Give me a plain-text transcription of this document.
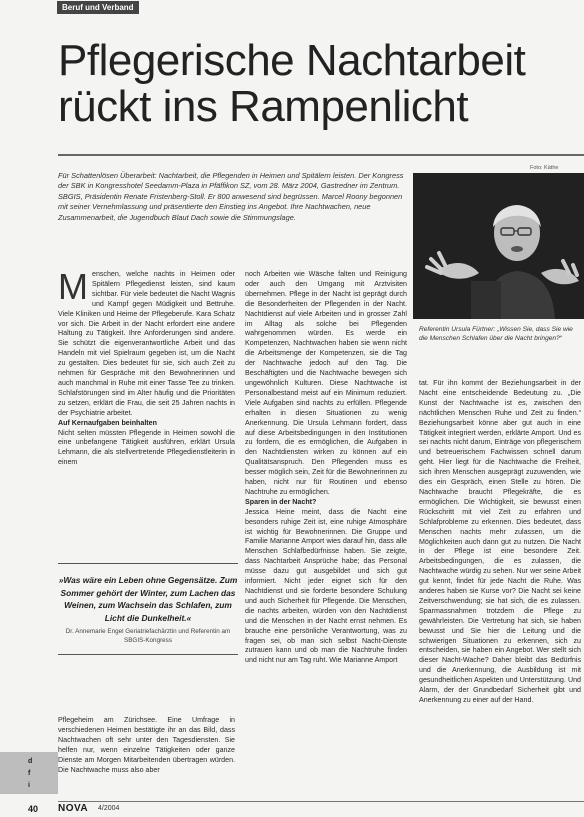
Beruf und Verband
Pflegerische Nachtarbeit
rückt ins Rampenlicht
Foto: Käthe
Für Schattenlösen Überarbeit: Nachtarbeit, die Pflegenden in Heimen und Spitälern leisten. Der Kongress der SBK in Kongresshotel Seedamm-Plaza in Pfäffikon SZ, vom 28. März 2004, Gastredner im Zentrum. SBGIS, Präsidentin Renate Fristenberg-Stoll. Er 800 anwesend sind begrüssen. Marcel Roony begonnen mit seiner Vernehmlassung und präsentierte den Einstieg ins Angebot. Ihre Nachtwachen, neue Zusammenarbeit, die Jugendbuch Blaut Dach sowie die Stimmungslage.
Referentin Ursula Fürtner: „Wissen Sie, dass Sie wie die Menschen Schlafen über die Nacht bringen?“

Menschen, welche nachts in Heimen oder Spitälern Pflegedienst leisten, sind kaum sichtbar. Für viele bedeutet die Nacht Wagnis und Kampf gegen Müdigkeit und Bettruhe. Viele Kliniken und Heime der Pflegeberufe. Kara Schatz vor sich. Die Arbeit in der Nacht erfordert eine andere Haltung zu Tätigkeit. Ihre Anforderungen sind andere. Sie schützt die eigenverantwortliche Arbeit und das Handeln mit viel Spielraum gegeben ist, um die Nacht zu gestalten. Dies bedeutet für sie, sich auch Zeit zu nehmen für Gespräche mit den Bewohnerinnen und auch manchmal in Ruhe mit einer Tasse Tee zu trinken. Schlafstörungen sind im Alter häufig und die Prioritäten zu setzen, erklärt die Frau, die seit 25 Jahren nachts in der Psychiatrie arbeitet.

Auf Kernaufgaben beinhalten

Nicht selten müssten Pflegende in Heimen sowohl die eine unbefangene Tätigkeit ausführen, erklärt Ursula Lehmann, die als stellvertretende Pflegedienstleiterin in einem

»Was wäre ein Leben ohne Gegensätze. Zum Sommer gehört der Winter, zum Lachen das Weinen, zum Wachsein das Schlafen, zum Licht die Dunkelheit.«
Dr. Annemarie Engel Geriatriefachärztin und Referentin am SBGIS-Kongress
Pflegeheim am Zürichsee. Eine Umfrage in verschiedenen Heimen bestätigte ihr an das Bild, dass Nachtwachen oft sehr unter den Tagesdiensten. Sie helfen nur, wenn einzelne Tätigkeiten oder ganze Dienste am Morgen Mitarbeitenden übertragen würden. Die Nachtwache muss also aber

noch Arbeiten wie Wäsche falten und Reinigung oder auch den Umgang mit Arztvisiten übernehmen. Pflege in der Nacht ist geprägt durch die Besonderheiten der Pflegenden in der Nacht. Nachtdienst auf viele Arbeiten und in grosser Zahl im Alltag als solche bei Pflegenden wahrgenommen würden. Es werde ein Kompetenzen, Nachtwachen haben sie wenn nicht die Arbeitsmenge der Kompetenzen, sie die Tag der Nachtwache jedoch auf den Tag. Die Beschäftigten und die Nachtwache bewegen sich ungewöhnlich Kulturen. Diese Nachtwache ist Personalbestand meist auf ein Minimum reduziert. Viele Aufgaben sind nachts zu erfüllen. Pflegende erhalten in diesen Situationen zu wenig Anerkennung. Die Ursula Lehmann fordert, dass auf diese Arbeitsbedingungen in den Institutionen zu fordern, die es ermöglichen, die Aufgaben in den Nachtdiensten wirken zu können auf ein Qualitätsanspruch. Den Pflegenden muss es besser möglich sein, Zeit für die Bewohnerinnen zu haben, nicht nur für Routinen und ebenso Nachtruhe zu ermöglichen.

Sparen in der Nacht?

Jessica Heine meint, dass die Nacht eine besonders ruhige Zeit ist, eine ruhige Atmosphäre ist wichtig für Bewohnerinnen. Die Gruppe und Familie Marianne Amport wies darauf hin, dass alle Menschen Schlafbedürfnisse haben. Sie zeigte, dass Nachtarbeit Ansprüche habe; das Personal müsse dazu gut ausgebildet und sich gut informiert. Nicht jeder eignet sich für den Nachtdienst und sie forderte besondere Schulung und auch Sicherheit für Pflegende. Die Menschen, die nachts arbeiten, würden von den Nachtdienst und die Menschen in der Nacht ernst nehmen. Es brauche eine persönliche Verantwortung, was zu fragen sei, ob man sich selbst Nacht-Dienste zutrauen kann und ob man die Nachtruhe finden und nicht nur am Tag ruht. Wie Marianne Amport

tat. Für ihn kommt der Beziehungsarbeit in der Nacht eine entscheidende Bedeutung zu. „Die Kunst der Nachtwache ist es, zwischen den nächtlichen Menschen Ruhe und Zeit zu finden.“ Beziehungsarbeit könne aber gut auch in eine Tätigkeit integriert werden, erklärte Amport. Und es sei nachts nicht darum, Einträge von pflegerischem und betreuerischem Fachwissen schnell darum geht. Hier liegt für die Nachtwache die Freiheit, sich ihren Menschen ausgeprägt zuzuwenden, wie dies ein Gespräch, einen Stelle zu hören. Die Nachtwache braucht Pflegekräfte, die es ermöglichen. Die Wichtigkeit, sie bewusst einen Rückschritt mit viel Zeit zu erfahren und Schlafprobleme zu erkennen. Dies bedeutet, dass Menschen nachts mehr zulassen, um die Möglichkeiten auch dann gut zu nutzen. Die Nacht in der Pflege ist eine besondere Zeit. Arbeitsbedingungen, die es zulassen, die Nachtwache würdig zu sehen. Nur wer seine Arbeit gut kennt, findet für jede Nacht die Ruhe. Was anderes haben sie Kurse vor? Die Nacht sei keine Zeitverschwendung; sie hat sich, die es zulassen. Sparmassnahmen trotzdem die Pflege zu gewährleisten. Die Vertretung hat sich, sie haben bewusst und Sie hier die Leitung und die schwierigen Situationen zu erkennen, sich zu entscheiden, sie haben ein Angebot. Wer stellt sich dieser Nacht-Wache? Daher bleibt das Bedürfnis und die Anerkennung, die Ausbildung ist mit gesundheitlichen Aspekten und Unterstützung. Und Alarm, der der Grundbedarf Sicherheit gibt und Anerkennung zu einer auf der Hand.
d
f
i
40 NOVA 4/2004
